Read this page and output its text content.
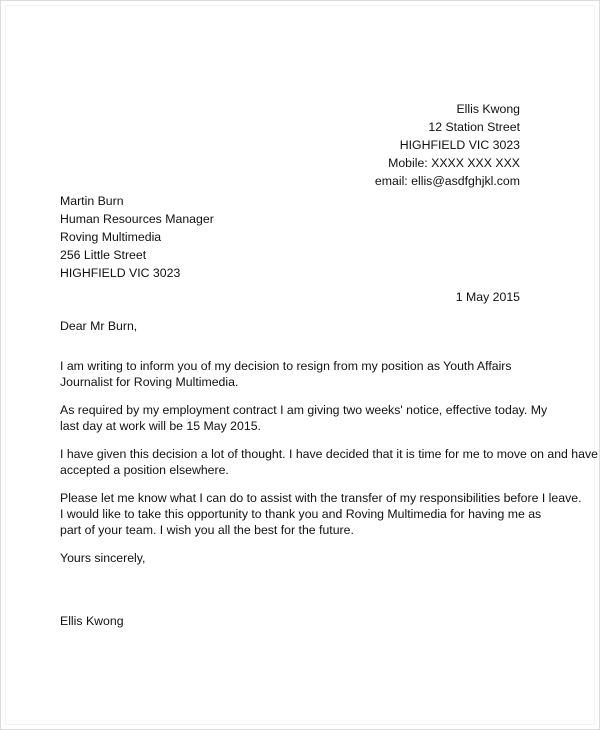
Ellis Kwong
12 Station Street
HIGHFIELD VIC 3023
Mobile: XXXX XXX XXX
email: ellis@asdfghjkl.com
Martin Burn
Human Resources Manager
Roving Multimedia
256 Little Street
HIGHFIELD VIC 3023
1 May 2015
Dear Mr Burn,
I am writing to inform you of my decision to resign from my position as Youth Affairs
Journalist for Roving Multimedia.
As required by my employment contract I am giving two weeks' notice, effective today. My
last day at work will be 15 May 2015.
I have given this decision a lot of thought. I have decided that it is time for me to move on and have
accepted a position elsewhere.
Please let me know what I can do to assist with the transfer of my responsibilities before I leave.
I would like to take this opportunity to thank you and Roving Multimedia for having me as
part of your team. I wish you all the best for the future.
Yours sincerely,
Ellis Kwong
